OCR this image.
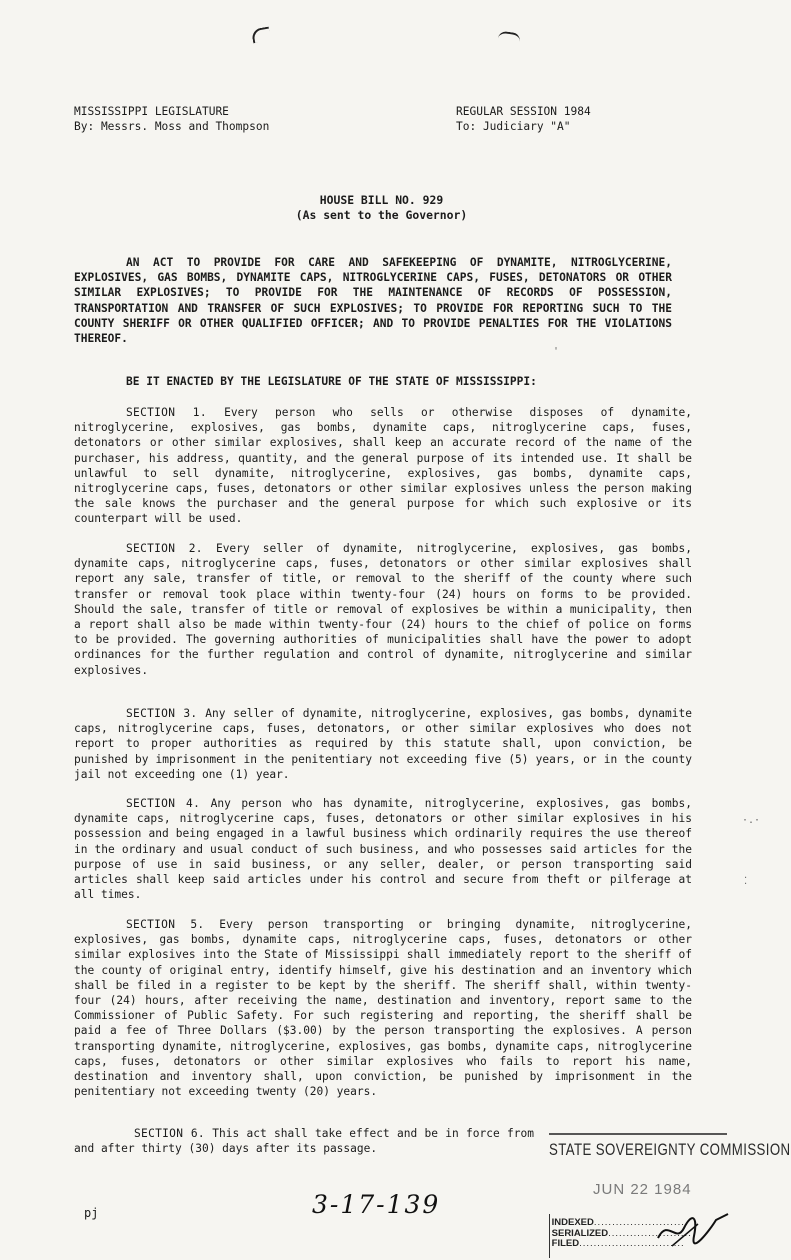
MISSISSIPPI LEGISLATURE
By: Messrs. Moss and Thompson
REGULAR SESSION 1984
To: Judiciary "A"
HOUSE BILL NO. 929
(As sent to the Governor)

AN ACT TO PROVIDE FOR CARE AND SAFEKEEPING OF DYNAMITE, NITROGLYCERINE, EXPLOSIVES, GAS BOMBS, DYNAMITE CAPS, NITROGLYCERINE CAPS, FUSES, DETONATORS OR OTHER SIMILAR EXPLOSIVES; TO PROVIDE FOR THE MAINTENANCE OF RECORDS OF POSSESSION, TRANSPORTATION AND TRANSFER OF SUCH EXPLOSIVES; TO PROVIDE FOR REPORTING SUCH TO THE COUNTY SHERIFF OR OTHER QUALIFIED OFFICER; AND TO PROVIDE PENALTIES FOR THE VIOLATIONS THEREOF.

BE IT ENACTED BY THE LEGISLATURE OF THE STATE OF MISSISSIPPI:

SECTION 1. Every person who sells or otherwise disposes of dynamite, nitroglycerine, explosives, gas bombs, dynamite caps, nitroglycerine caps, fuses, detonators or other similar explosives, shall keep an accurate record of the name of the purchaser, his address, quantity, and the general purpose of its intended use. It shall be unlawful to sell dynamite, nitroglycerine, explosives, gas bombs, dynamite caps, nitroglycerine caps, fuses, detonators or other similar explosives unless the person making the sale knows the purchaser and the general purpose for which such explosive or its counterpart will be used.

SECTION 2. Every seller of dynamite, nitroglycerine, explosives, gas bombs, dynamite caps, nitroglycerine caps, fuses, detonators or other similar explosives shall report any sale, transfer of title, or removal to the sheriff of the county where such transfer or removal took place within twenty-four (24) hours on forms to be provided. Should the sale, transfer of title or removal of explosives be within a municipality, then a report shall also be made within twenty-four (24) hours to the chief of police on forms to be provided. The governing authorities of municipalities shall have the power to adopt ordinances for the further regulation and control of dynamite, nitroglycerine and similar explosives.

SECTION 3. Any seller of dynamite, nitroglycerine, explosives, gas bombs, dynamite caps, nitroglycerine caps, fuses, detonators, or other similar explosives who does not report to proper authorities as required by this statute shall, upon conviction, be punished by imprisonment in the penitentiary not exceeding five (5) years, or in the county jail not exceeding one (1) year.

SECTION 4. Any person who has dynamite, nitroglycerine, explosives, gas bombs, dynamite caps, nitroglycerine caps, fuses, detonators or other similar explosives in his possession and being engaged in a lawful business which ordinarily requires the use thereof in the ordinary and usual conduct of such business, and who possesses said articles for the purpose of use in said business, or any seller, dealer, or person transporting said articles shall keep said articles under his control and secure from theft or pilferage at all times.

SECTION 5. Every person transporting or bringing dynamite, nitroglycerine, explosives, gas bombs, dynamite caps, nitroglycerine caps, fuses, detonators or other similar explosives into the State of Mississippi shall immediately report to the sheriff of the county of original entry, identify himself, give his destination and an inventory which shall be filed in a register to be kept by the sheriff. The sheriff shall, within twenty-four (24) hours, after receiving the name, destination and inventory, report same to the Commissioner of Public Safety. For such registering and reporting, the sheriff shall be paid a fee of Three Dollars ($3.00) by the person transporting the explosives. A person transporting dynamite, nitroglycerine, explosives, gas bombs, dynamite caps, nitroglycerine caps, fuses, detonators or other similar explosives who fails to report his name, destination and inventory shall, upon conviction, be punished by imprisonment in the penitentiary not exceeding twenty (20) years.

SECTION 6. This act shall take effect and be in force from and after thirty (30) days after its passage.

'
·.·
⁚
pj	3-17-139
STATE SOVEREIGNTY COMMISSION
JUN 22 1984
INDEXED..........................
SERIALIZED.......................
FILED.............................
